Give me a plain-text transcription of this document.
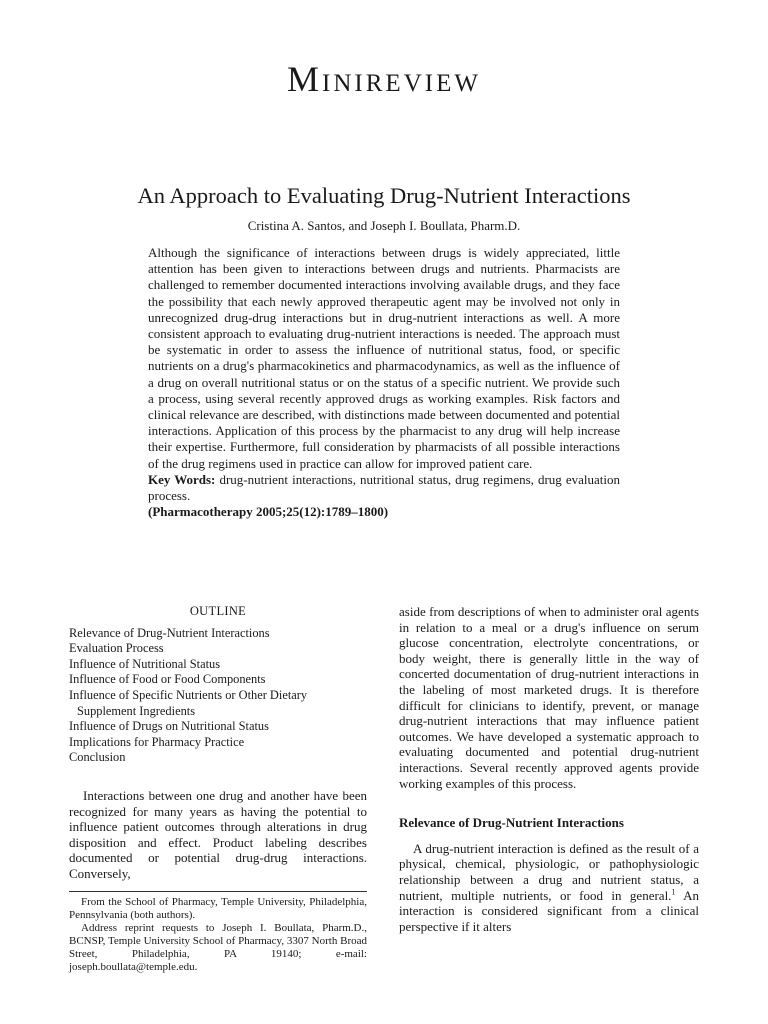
Minireview
An Approach to Evaluating Drug-Nutrient Interactions
Cristina A. Santos, and Joseph I. Boullata, Pharm.D.

Although the significance of interactions between drugs is widely appreciated, little attention has been given to interactions between drugs and nutrients. Pharmacists are challenged to remember documented interactions involving available drugs, and they face the possibility that each newly approved therapeutic agent may be involved not only in unrecognized drug-drug interactions but in drug-nutrient interactions as well. A more consistent approach to evaluating drug-nutrient interactions is needed. The approach must be systematic in order to assess the influence of nutritional status, food, or specific nutrients on a drug's pharmacokinetics and pharmacodynamics, as well as the influence of a drug on overall nutritional status or on the status of a specific nutrient. We provide such a process, using several recently approved drugs as working examples. Risk factors and clinical relevance are described, with distinctions made between documented and potential interactions. Application of this process by the pharmacist to any drug will help increase their expertise. Furthermore, full consideration by pharmacists of all possible interactions of the drug regimens used in practice can allow for improved patient care.

Key Words: drug-nutrient interactions, nutritional status, drug regimens, drug evaluation process.

(Pharmacotherapy 2005;25(12):1789–1800)

OUTLINE
Relevance of Drug-Nutrient Interactions
Evaluation Process
Influence of Nutritional Status
Influence of Food or Food Components
Influence of Specific Nutrients or Other Dietary
Supplement Ingredients
Influence of Drugs on Nutritional Status
Implications for Pharmacy Practice
Conclusion

Interactions between one drug and another have been recognized for many years as having the potential to influence patient outcomes through alterations in drug disposition and effect. Product labeling describes documented or potential drug-drug interactions. Conversely,

From the School of Pharmacy, Temple University, Philadelphia, Pennsylvania (both authors).

Address reprint requests to Joseph I. Boullata, Pharm.D., BCNSP, Temple University School of Pharmacy, 3307 North Broad Street, Philadelphia, PA 19140; e-mail: joseph.boullata@temple.edu.

aside from descriptions of when to administer oral agents in relation to a meal or a drug's influence on serum glucose concentration, electrolyte concentrations, or body weight, there is generally little in the way of concerted documentation of drug-nutrient interactions in the labeling of most marketed drugs. It is therefore difficult for clinicians to identify, prevent, or manage drug-nutrient interactions that may influence patient outcomes. We have developed a systematic approach to evaluating documented and potential drug-nutrient interactions. Several recently approved agents provide working examples of this process.

Relevance of Drug-Nutrient Interactions

A drug-nutrient interaction is defined as the result of a physical, chemical, physiologic, or pathophysiologic relationship between a drug and nutrient status, a nutrient, multiple nutrients, or food in general.$^1$ An interaction is considered significant from a clinical perspective if it alters
